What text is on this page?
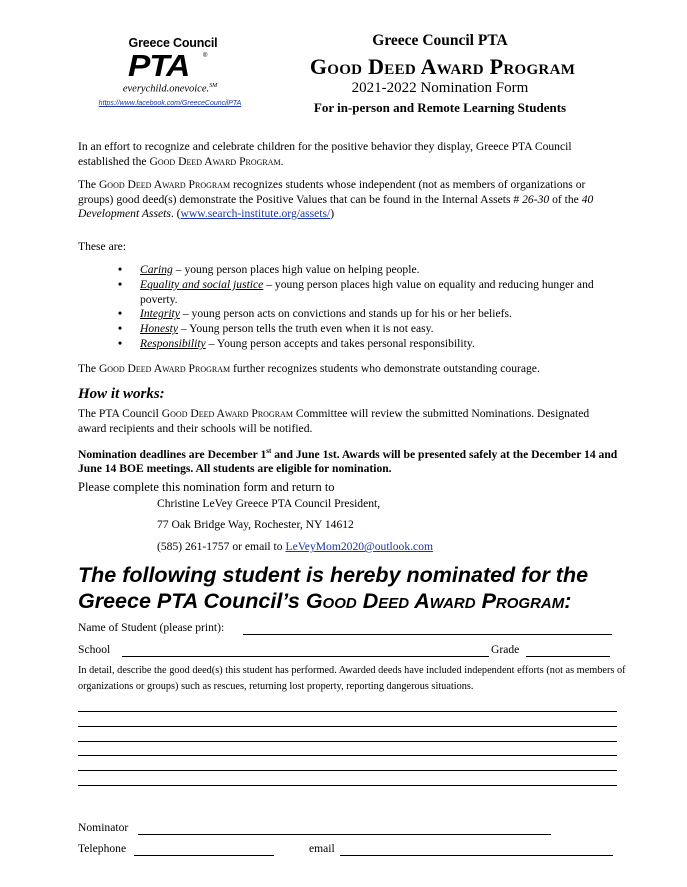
Greece Council
PTA ®
everychild.onevoice.℠
https://www.facebook.com/GreeceCouncilPTA
Greece Council PTA
Good Deed Award Program
2021-2022 Nomination Form
For in-person and Remote Learning Students
In an effort to recognize and celebrate children for the positive behavior they display, Greece PTA Council established the Good Deed Award Program.
The Good Deed Award Program recognizes students whose independent (not as members of organizations or groups) good deed(s) demonstrate the Positive Values that can be found in the Internal Assets # 26-30 of the 40 Development Assets. (www.search-institute.org/assets/)
These are:
• Caring – young person places high value on helping people.
• Equality and social justice – young person places high value on equality and reducing hunger and poverty.
• Integrity – young person acts on convictions and stands up for his or her beliefs.
• Honesty – Young person tells the truth even when it is not easy.
• Responsibility – Young person accepts and takes personal responsibility.
The Good Deed Award Program further recognizes students who demonstrate outstanding courage.
How it works:
The PTA Council Good Deed Award Program Committee will review the submitted Nominations. Designated award recipients and their schools will be notified.
Nomination deadlines are December 1st and June 1st. Awards will be presented safely at the December 14 and June 14 BOE meetings. All students are eligible for nomination.
Please complete this nomination form and return to
Christine LeVey Greece PTA Council President,
77 Oak Bridge Way, Rochester, NY 14612
(585) 261-1757 or email to LeVeyMom2020@outlook.com
The following student is hereby nominated for the
Greece PTA Council’s Good Deed Award Program:
Name of Student (please print):
School	Grade
In detail, describe the good deed(s) this student has performed. Awarded deeds have included independent efforts (not as members of organizations or groups) such as rescues, returning lost property, reporting dangerous situations.
Nominator
Telephone	email
